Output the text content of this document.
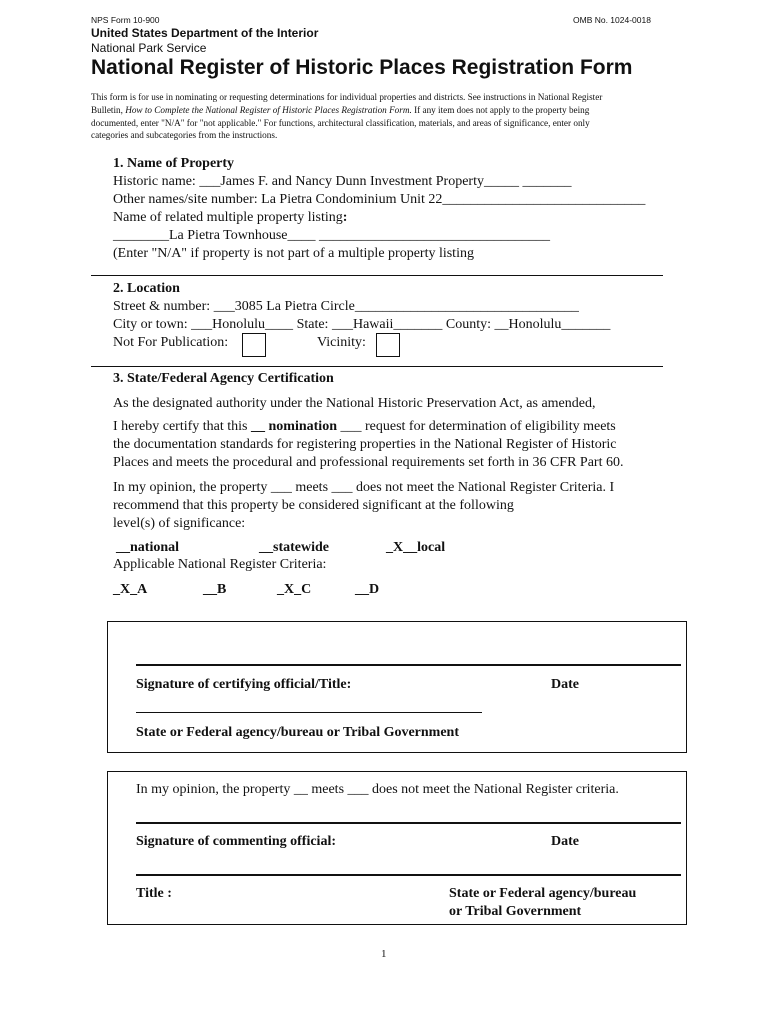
NPS Form 10-900	OMB No. 1024-0018
United States Department of the Interior
National Park Service
National Register of Historic Places Registration Form
This form is for use in nominating or requesting determinations for individual properties and districts. See instructions in National Register
Bulletin, How to Complete the National Register of Historic Places Registration Form. If any item does not apply to the property being
documented, enter "N/A" for "not applicable." For functions, architectural classification, materials, and areas of significance, enter only
categories and subcategories from the instructions.
1. Name of Property
Historic name: ___James F. and Nancy Dunn Investment Property_____ _______
Other names/site number: La Pietra Condominium Unit 22_____________________________
Name of related multiple property listing:
________La Pietra Townhouse____ _________________________________
(Enter "N/A" if property is not part of a multiple property listing
2. Location
Street & number: ___3085 La Pietra Circle________________________________
City or town: ___Honolulu____ State: ___Hawaii_______ County: __Honolulu_______
Not For Publication:	Vicinity:
3. State/Federal Agency Certification
As the designated authority under the National Historic Preservation Act, as amended,
I hereby certify that this __ nomination ___ request for determination of eligibility meets
the documentation standards for registering properties in the National Register of Historic
Places and meets the procedural and professional requirements set forth in 36 CFR Part 60.
In my opinion, the property ___ meets ___ does not meet the National Register Criteria. I
recommend that this property be considered significant at the following
level(s) of significance:
__national	__statewide	_X__local
Applicable National Register Criteria:
_X_A	__B	_X_C	__D
Signature of certifying official/Title:	Date
State or Federal agency/bureau or Tribal Government
In my opinion, the property __ meets ___ does not meet the National Register criteria.
Signature of commenting official:	Date
Title :	State or Federal agency/bureau
or Tribal Government
1
